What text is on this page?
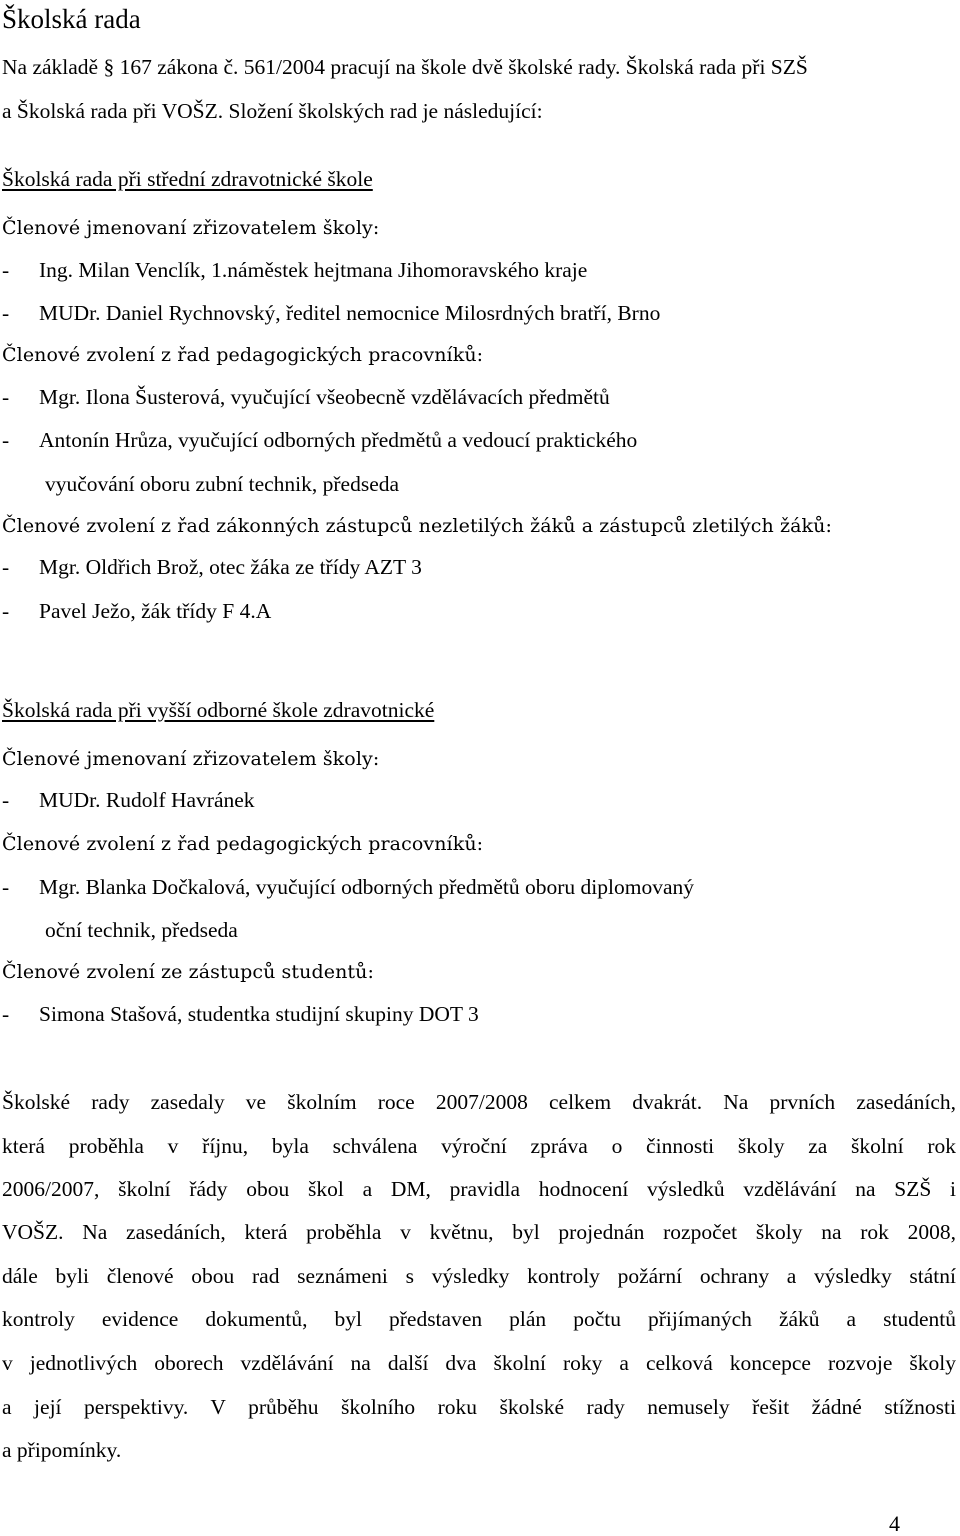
Školská rada
Na základě § 167 zákona č. 561/2004 pracují na škole dvě školské rady. Školská rada při SZŠ
a Školská rada při VOŠZ. Složení školských rad je následující:
Školská rada při střední zdravotnické škole
Členové jmenovaní zřizovatelem školy:
- Ing. Milan Venclík, 1.náměstek hejtmana Jihomoravského kraje
- MUDr. Daniel Rychnovský, ředitel nemocnice Milosrdných bratří, Brno
Členové zvolení z řad pedagogických pracovníků:
- Mgr. Ilona Šusterová, vyučující všeobecně vzdělávacích předmětů
- Antonín Hrůza, vyučující odborných předmětů a vedoucí praktického
vyučování oboru zubní technik, předseda
Členové zvolení z řad zákonných zástupců nezletilých žáků a zástupců zletilých žáků:
- Mgr. Oldřich Brož, otec žáka ze třídy AZT 3
- Pavel Ježo, žák třídy F 4.A
Školská rada při vyšší odborné škole zdravotnické
Členové jmenovaní zřizovatelem školy:
- MUDr. Rudolf Havránek
Členové zvolení z řad pedagogických pracovníků:
- Mgr. Blanka Dočkalová, vyučující odborných předmětů oboru diplomovaný
oční technik, předseda
Členové zvolení ze zástupců studentů:
- Simona Stašová, studentka studijní skupiny DOT 3
Školské rady zasedaly ve školním roce 2007/2008 celkem dvakrát. Na prvních zasedáních,
která proběhla v říjnu, byla schválena výroční zpráva o činnosti školy za školní rok
2006/2007, školní řády obou škol a DM, pravidla hodnocení výsledků vzdělávání na SZŠ i
VOŠZ. Na zasedáních, která proběhla v květnu, byl projednán rozpočet školy na rok 2008,
dále byli členové obou rad seznámeni s výsledky kontroly požární ochrany a výsledky státní
kontroly evidence dokumentů, byl představen plán počtu přijímaných žáků a studentů
v jednotlivých oborech vzdělávání na další dva školní roky a celková koncepce rozvoje školy
a její perspektivy. V průběhu školního roku školské rady nemusely řešit žádné stížnosti
a připomínky.
4
